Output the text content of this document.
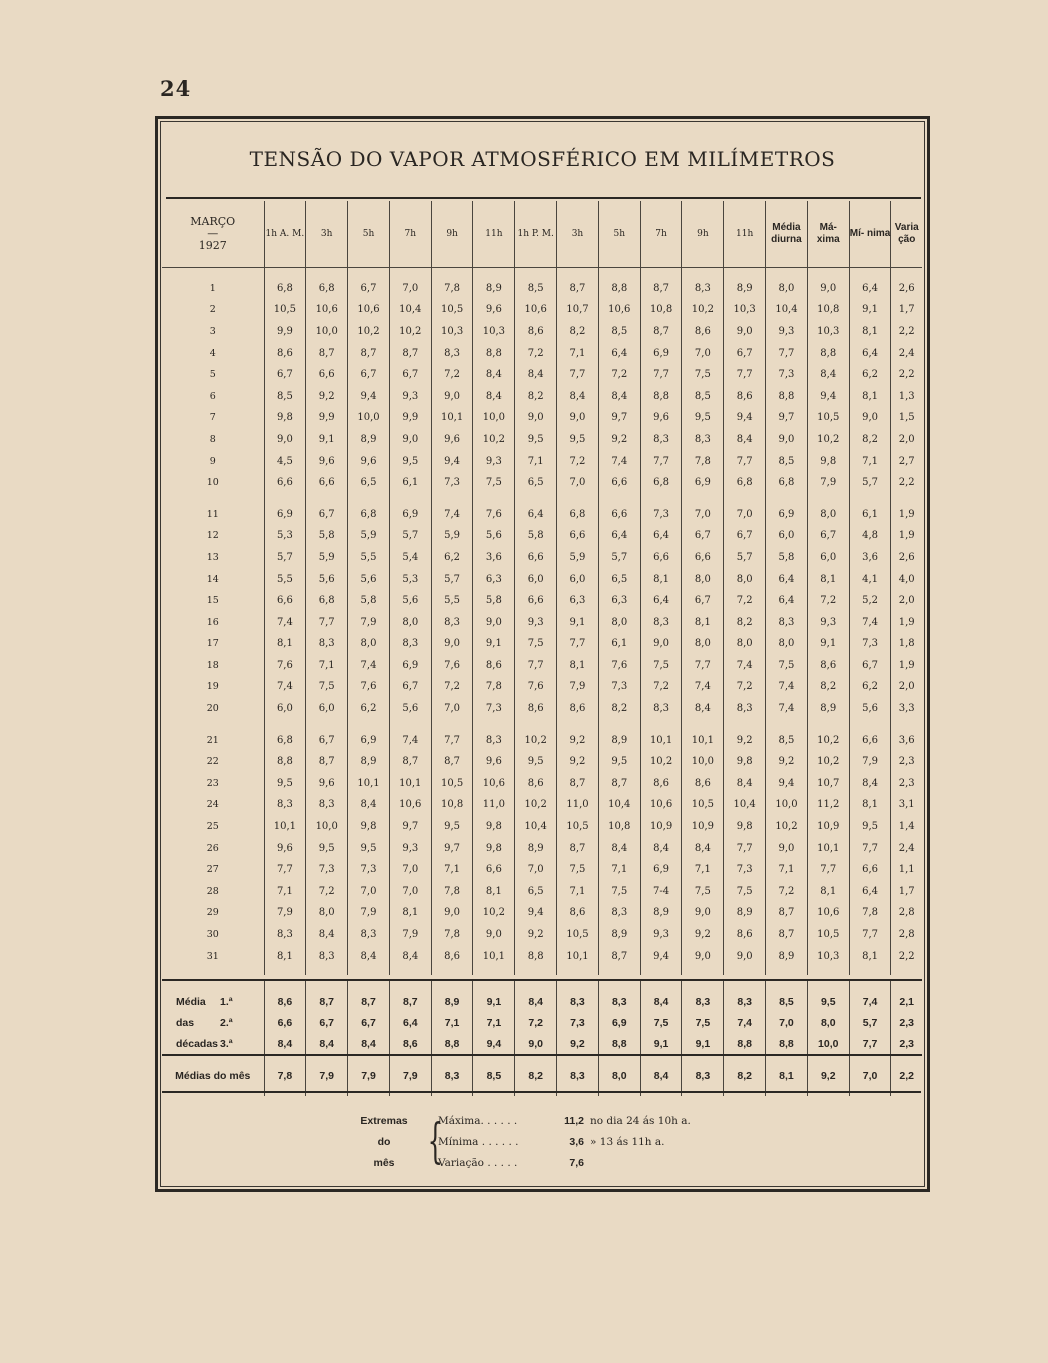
24
TENSÃO DO VAPOR ATMOSFÉRICO EM MILÍMETROS
MARÇO
—
1927	1h A. M.	3h	5h	7h	9h	11h	1h P. M.	3h	5h	7h	9h	11h	Média diurna	Má- xima	Mí- nima	Varia ção
1	6,8	6,8	6,7	7,0	7,8	8,9	8,5	8,7	8,8	8,7	8,3	8,9	8,0	9,0	6,4	2,6
2	10,5	10,6	10,6	10,4	10,5	9,6	10,6	10,7	10,6	10,8	10,2	10,3	10,4	10,8	9,1	1,7
3	9,9	10,0	10,2	10,2	10,3	10,3	8,6	8,2	8,5	8,7	8,6	9,0	9,3	10,3	8,1	2,2
4	8,6	8,7	8,7	8,7	8,3	8,8	7,2	7,1	6,4	6,9	7,0	6,7	7,7	8,8	6,4	2,4
5	6,7	6,6	6,7	6,7	7,2	8,4	8,4	7,7	7,2	7,7	7,5	7,7	7,3	8,4	6,2	2,2
6	8,5	9,2	9,4	9,3	9,0	8,4	8,2	8,4	8,4	8,8	8,5	8,6	8,8	9,4	8,1	1,3
7	9,8	9,9	10,0	9,9	10,1	10,0	9,0	9,0	9,7	9,6	9,5	9,4	9,7	10,5	9,0	1,5
8	9,0	9,1	8,9	9,0	9,6	10,2	9,5	9,5	9,2	8,3	8,3	8,4	9,0	10,2	8,2	2,0
9	4,5	9,6	9,6	9,5	9,4	9,3	7,1	7,2	7,4	7,7	7,8	7,7	8,5	9,8	7,1	2,7
10	6,6	6,6	6,5	6,1	7,3	7,5	6,5	7,0	6,6	6,8	6,9	6,8	6,8	7,9	5,7	2,2
11	6,9	6,7	6,8	6,9	7,4	7,6	6,4	6,8	6,6	7,3	7,0	7,0	6,9	8,0	6,1	1,9
12	5,3	5,8	5,9	5,7	5,9	5,6	5,8	6,6	6,4	6,4	6,7	6,7	6,0	6,7	4,8	1,9
13	5,7	5,9	5,5	5,4	6,2	3,6	6,6	5,9	5,7	6,6	6,6	5,7	5,8	6,0	3,6	2,6
14	5,5	5,6	5,6	5,3	5,7	6,3	6,0	6,0	6,5	8,1	8,0	8,0	6,4	8,1	4,1	4,0
15	6,6	6,8	5,8	5,6	5,5	5,8	6,6	6,3	6,3	6,4	6,7	7,2	6,4	7,2	5,2	2,0
16	7,4	7,7	7,9	8,0	8,3	9,0	9,3	9,1	8,0	8,3	8,1	8,2	8,3	9,3	7,4	1,9
17	8,1	8,3	8,0	8,3	9,0	9,1	7,5	7,7	6,1	9,0	8,0	8,0	8,0	9,1	7,3	1,8
18	7,6	7,1	7,4	6,9	7,6	8,6	7,7	8,1	7,6	7,5	7,7	7,4	7,5	8,6	6,7	1,9
19	7,4	7,5	7,6	6,7	7,2	7,8	7,6	7,9	7,3	7,2	7,4	7,2	7,4	8,2	6,2	2,0
20	6,0	6,0	6,2	5,6	7,0	7,3	8,6	8,6	8,2	8,3	8,4	8,3	7,4	8,9	5,6	3,3
21	6,8	6,7	6,9	7,4	7,7	8,3	10,2	9,2	8,9	10,1	10,1	9,2	8,5	10,2	6,6	3,6
22	8,8	8,7	8,9	8,7	8,7	9,6	9,5	9,2	9,5	10,2	10,0	9,8	9,2	10,2	7,9	2,3
23	9,5	9,6	10,1	10,1	10,5	10,6	8,6	8,7	8,7	8,6	8,6	8,4	9,4	10,7	8,4	2,3
24	8,3	8,3	8,4	10,6	10,8	11,0	10,2	11,0	10,4	10,6	10,5	10,4	10,0	11,2	8,1	3,1
25	10,1	10,0	9,8	9,7	9,5	9,8	10,4	10,5	10,8	10,9	10,9	9,8	10,2	10,9	9,5	1,4
26	9,6	9,5	9,5	9,3	9,7	9,8	8,9	8,7	8,4	8,4	8,4	7,7	9,0	10,1	7,7	2,4
27	7,7	7,3	7,3	7,0	7,1	6,6	7,0	7,5	7,1	6,9	7,1	7,3	7,1	7,7	6,6	1,1
28	7,1	7,2	7,0	7,0	7,8	8,1	6,5	7,1	7,5	7-4	7,5	7,5	7,2	8,1	6,4	1,7
29	7,9	8,0	7,9	8,1	9,0	10,2	9,4	8,6	8,3	8,9	9,0	8,9	8,7	10,6	7,8	2,8
30	8,3	8,4	8,3	7,9	7,8	9,0	9,2	10,5	8,9	9,3	9,2	8,6	8,7	10,5	7,7	2,8
31	8,1	8,3	8,4	8,4	8,6	10,1	8,8	10,1	8,7	9,4	9,0	9,0	8,9	10,3	8,1	2,2
Média 1.ª	8,6	8,7	8,7	8,7	8,9	9,1	8,4	8,3	8,3	8,4	8,3	8,3	8,5	9,5	7,4	2,1
das 2.ª	6,6	6,7	6,7	6,4	7,1	7,1	7,2	7,3	6,9	7,5	7,5	7,4	7,0	8,0	5,7	2,3
décadas 3.ª	8,4	8,4	8,4	8,6	8,8	9,4	9,0	9,2	8,8	9,1	9,1	8,8	8,8	10,0	7,7	2,3
Médias do mês	7,8	7,9	7,9	7,9	8,3	8,5	8,2	8,3	8,0	8,4	8,3	8,2	8,1	9,2	7,0	2,2
Extremas
do
mês {
Máxima. . . . . .	11,2 no dia 24 ás 10h a.
Mínima . . . . . .	3,6 » 13 ás 11h a.
Variação . . . . .	7,6
